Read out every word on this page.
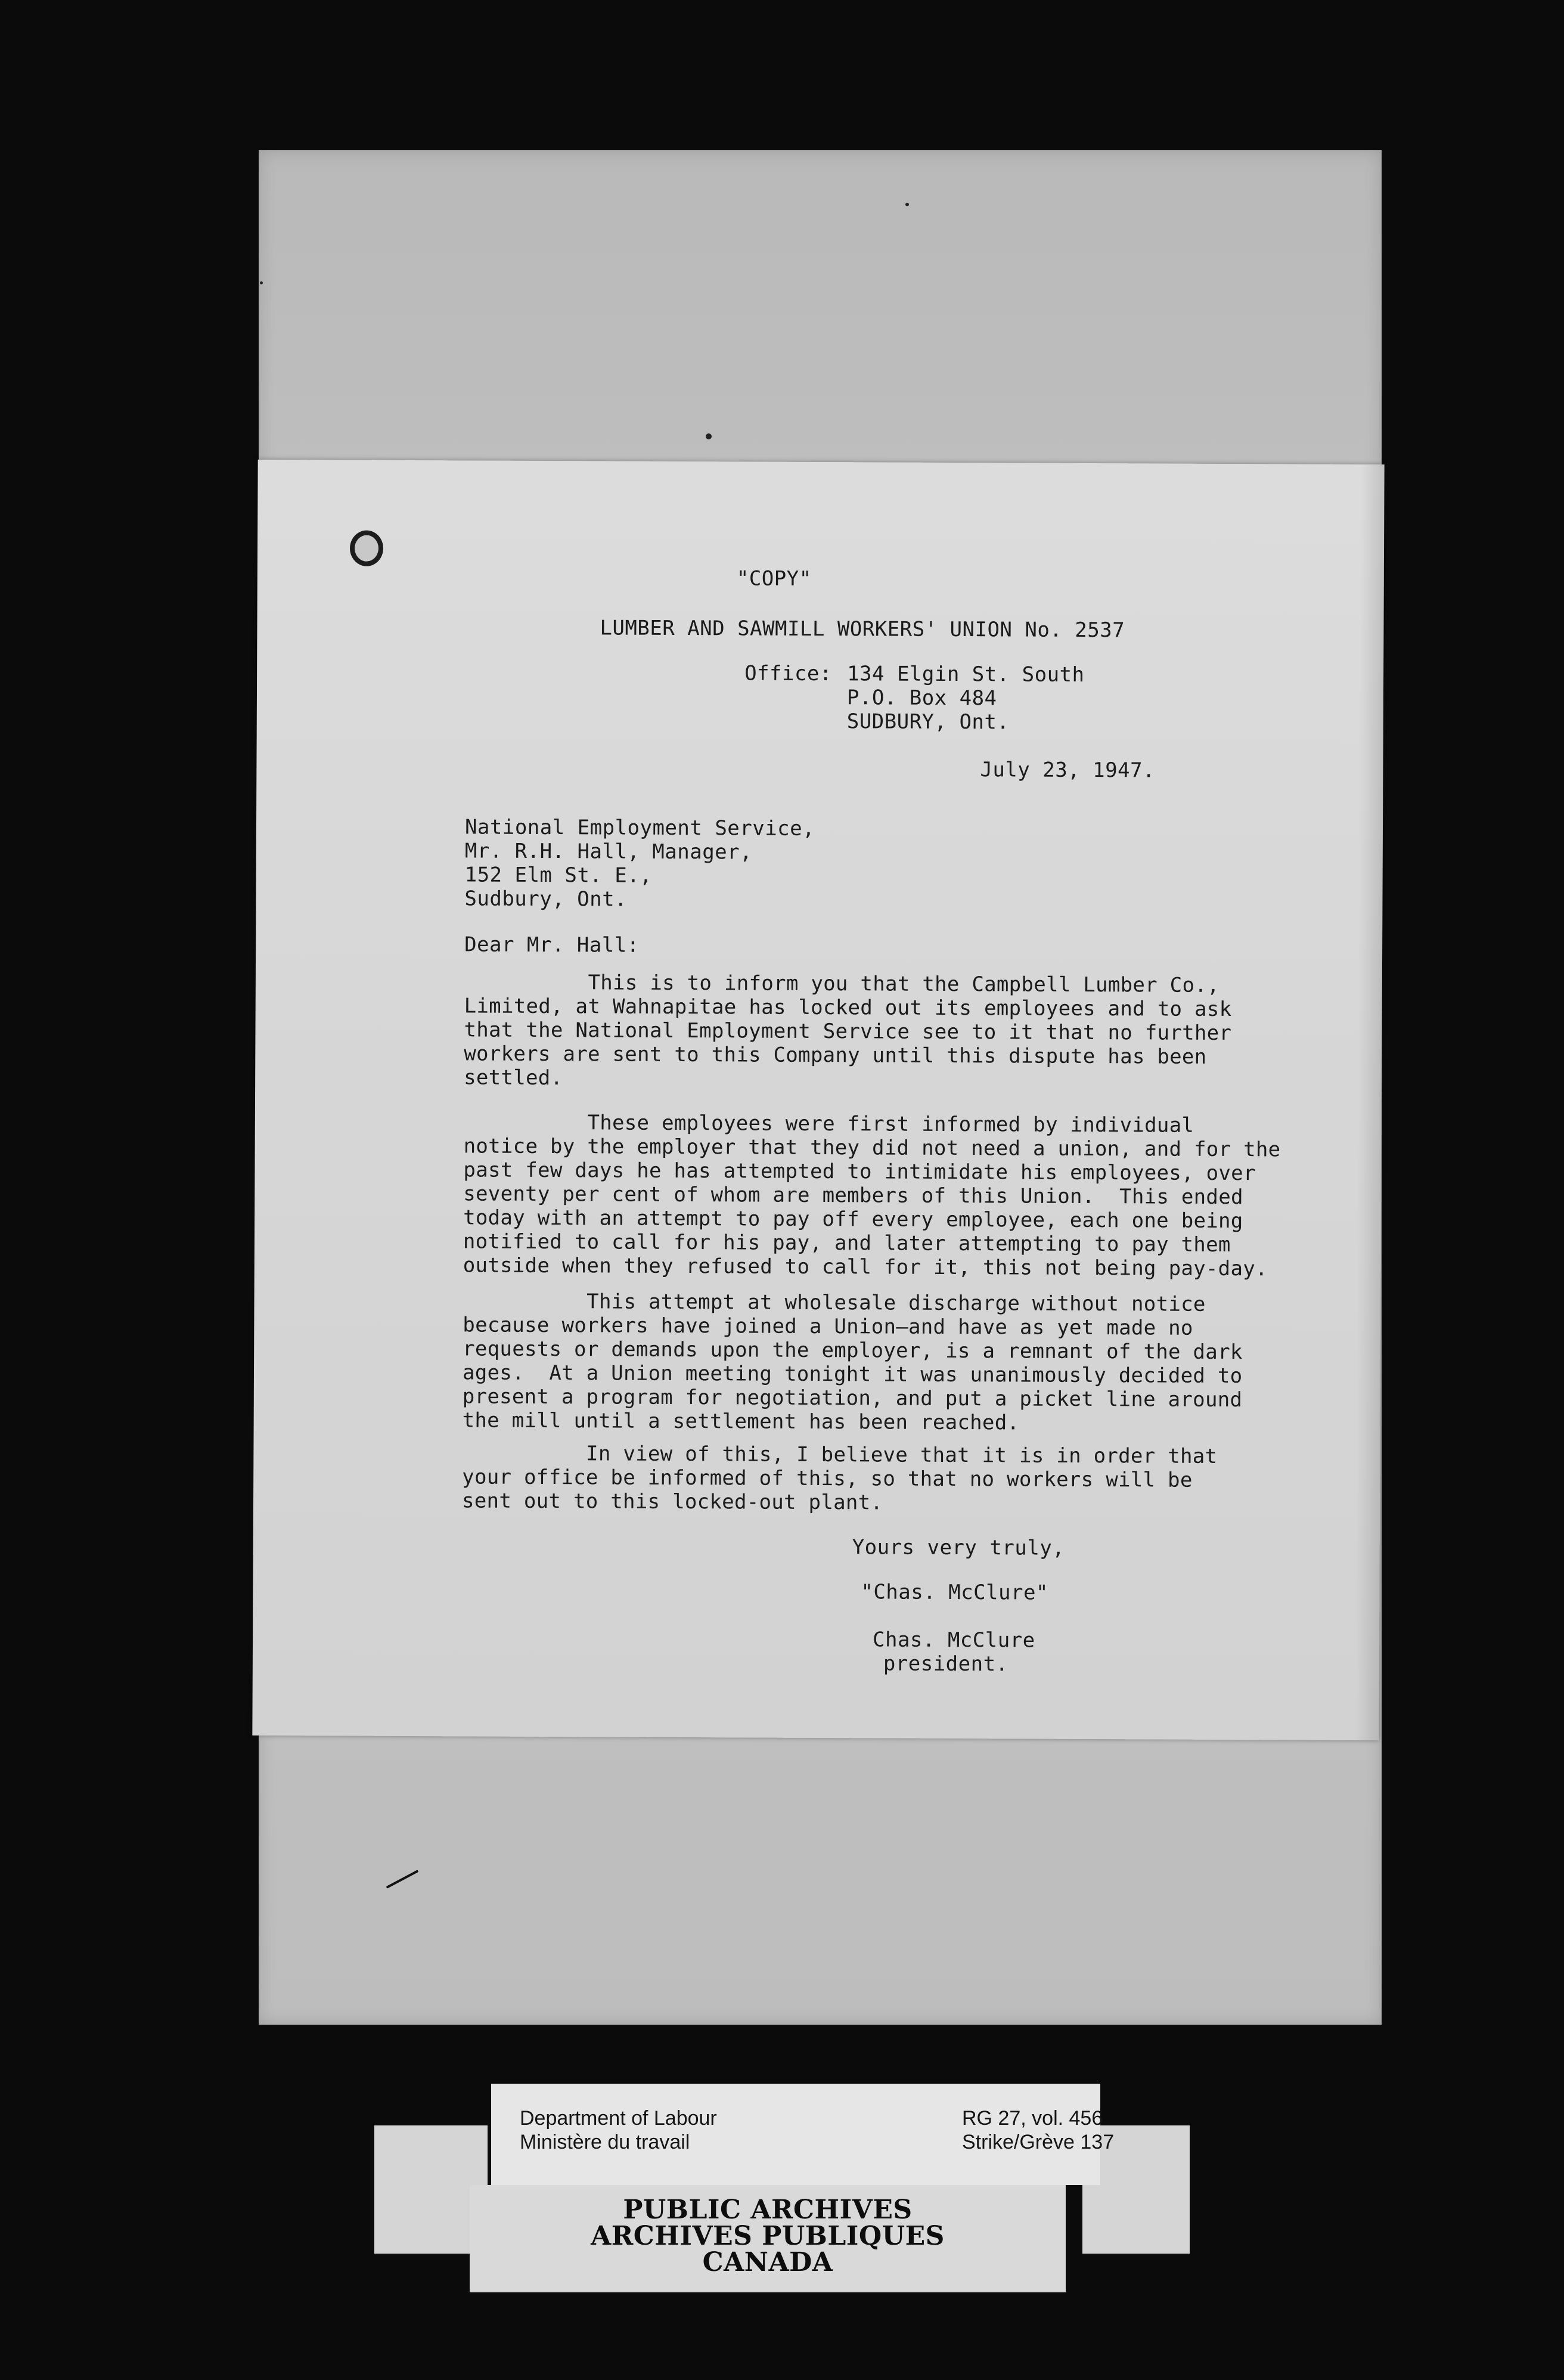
"COPY"
LUMBER AND SAWMILL WORKERS' UNION No. 2537
Office: 134 Elgin St. South
P.O. Box 484
SUDBURY, Ont.
July 23, 1947.
National Employment Service,
Mr. R.H. Hall, Manager,
152 Elm St. E.,
Sudbury, Ont.
Dear Mr. Hall:
This is to inform you that the Campbell Lumber Co.,
Limited, at Wahnapitae has locked out its employees and to ask
that the National Employment Service see to it that no further
workers are sent to this Company until this dispute has been
settled.
These employees were first informed by individual
notice by the employer that they did not need a union, and for the
past few days he has attempted to intimidate his employees, over
seventy per cent of whom are members of this Union.  This ended
today with an attempt to pay off every employee, each one being
notified to call for his pay, and later attempting to pay them
outside when they refused to call for it, this not being pay-day.
This attempt at wholesale discharge without notice
because workers have joined a Union—and have as yet made no
requests or demands upon the employer, is a remnant of the dark
ages.  At a Union meeting tonight it was unanimously decided to
present a program for negotiation, and put a picket line around
the mill until a settlement has been reached.
In view of this, I believe that it is in order that
your office be informed of this, so that no workers will be
sent out to this locked-out plant.
Yours very truly,
"Chas. McClure"
Chas. McClure
president.
Department of Labour
Ministère du travail
RG 27, vol. 456
Strike/Grève 137
PUBLIC ARCHIVES
ARCHIVES PUBLIQUES
CANADA
